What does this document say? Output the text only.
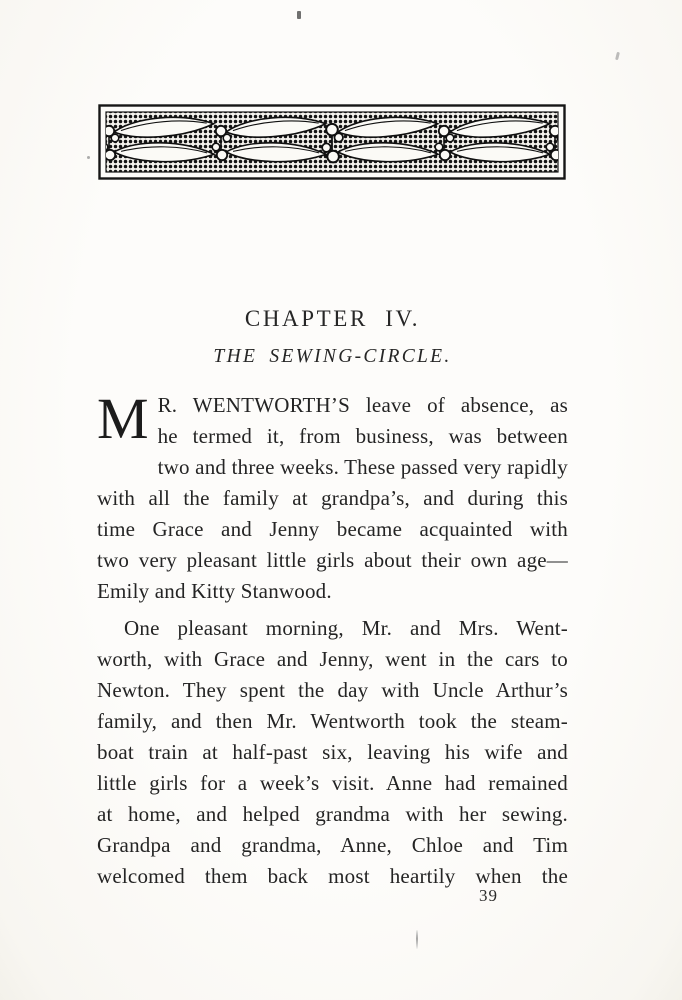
CHAPTER IV.
THE SEWING-CIRCLE.
M R. WENTWORTH’S leave of absence, as
he termed it, from business, was between
two and three weeks. These passed very rapidly
with all the family at grandpa’s, and during this
time Grace and Jenny became acquainted with
two very pleasant little girls about their own age—
Emily and Kitty Stanwood.
One pleasant morning, Mr. and Mrs. Went-
worth, with Grace and Jenny, went in the cars to
Newton. They spent the day with Uncle Arthur’s
family, and then Mr. Wentworth took the steam-
boat train at half-past six, leaving his wife and
little girls for a week’s visit. Anne had remained
at home, and helped grandma with her sewing.
Grandpa and grandma, Anne, Chloe and Tim
welcomed them back most heartily when the
39
